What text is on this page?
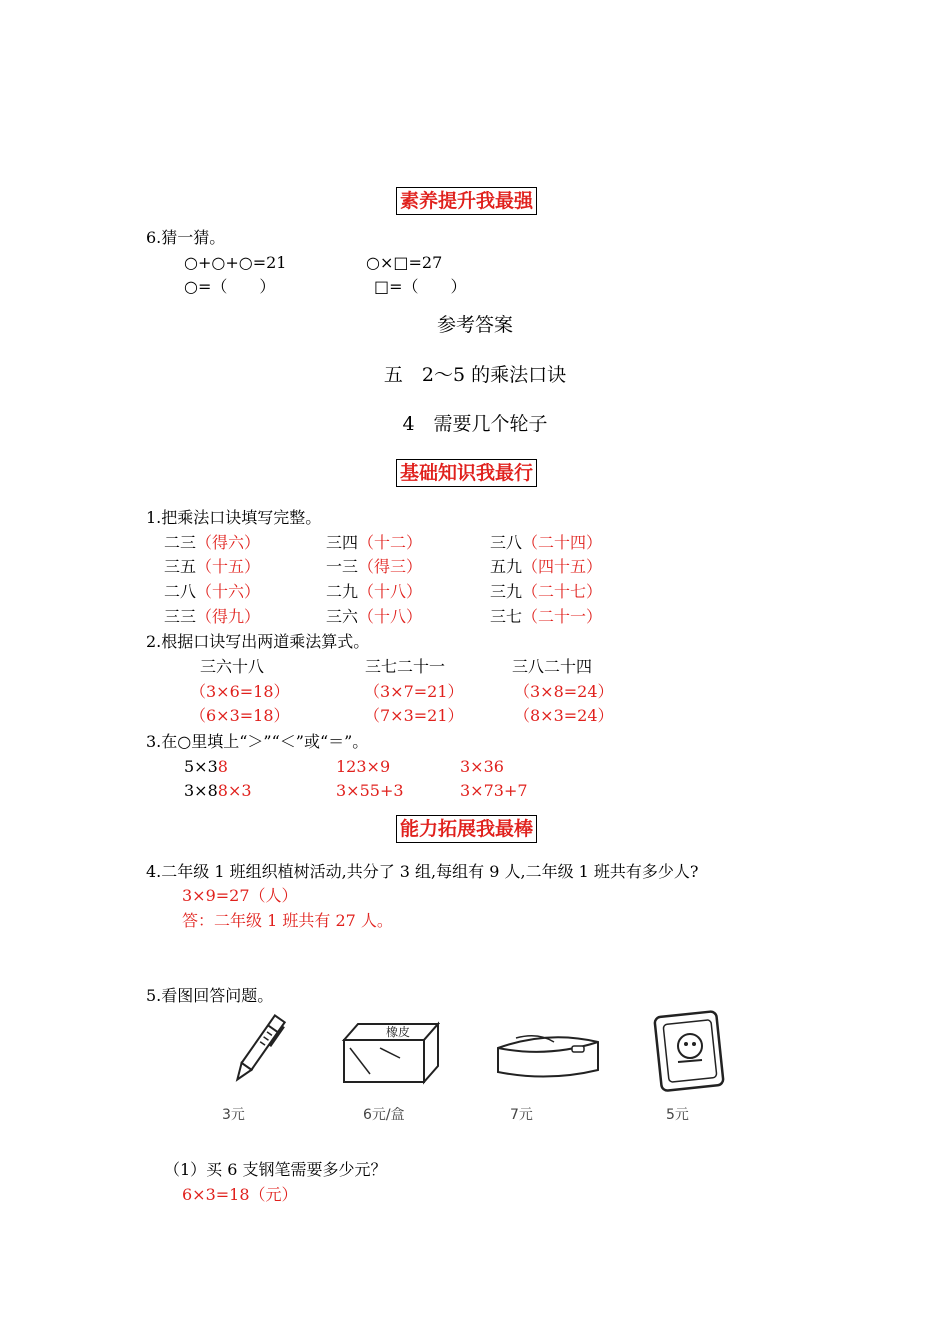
素养提升我最强
6.猜一猜。
○+○+○=21	○×□=27
○=（　　）	□=（　　）
参考答案
五　2～5 的乘法口诀
4　需要几个轮子
基础知识我最行
1.把乘法口诀填写完整。
二三（得六）	三四（十二）	三八（二十四）
三五（十五）	一三（得三）	五九（四十五）
二八（十六）	二九（十八）	三九（二十七）
三三（得九）	三六（十八）	三七（二十一）
2.根据口诀写出两道乘法算式。
三六十八	三七二十一	三八二十四
（3×6=18）	（3×7=21）	（3×8=24）
（6×3=18）	（7×3=21）	（8×3=24）
3.在○里填上“＞”“＜”或“＝”。
5×38	123×9	3×36
3×88×3	3×55+3	3×73+7
能力拓展我最棒
4.二年级 1 班组织植树活动,共分了 3 组,每组有 9 人,二年级 1 班共有多少人?
3×9=27（人）
答：二年级 1 班共有 27 人。
5.看图回答问题。
3元
橡皮
6元/盒	7元	5元
（1）买 6 支钢笔需要多少元？
6×3=18（元）
